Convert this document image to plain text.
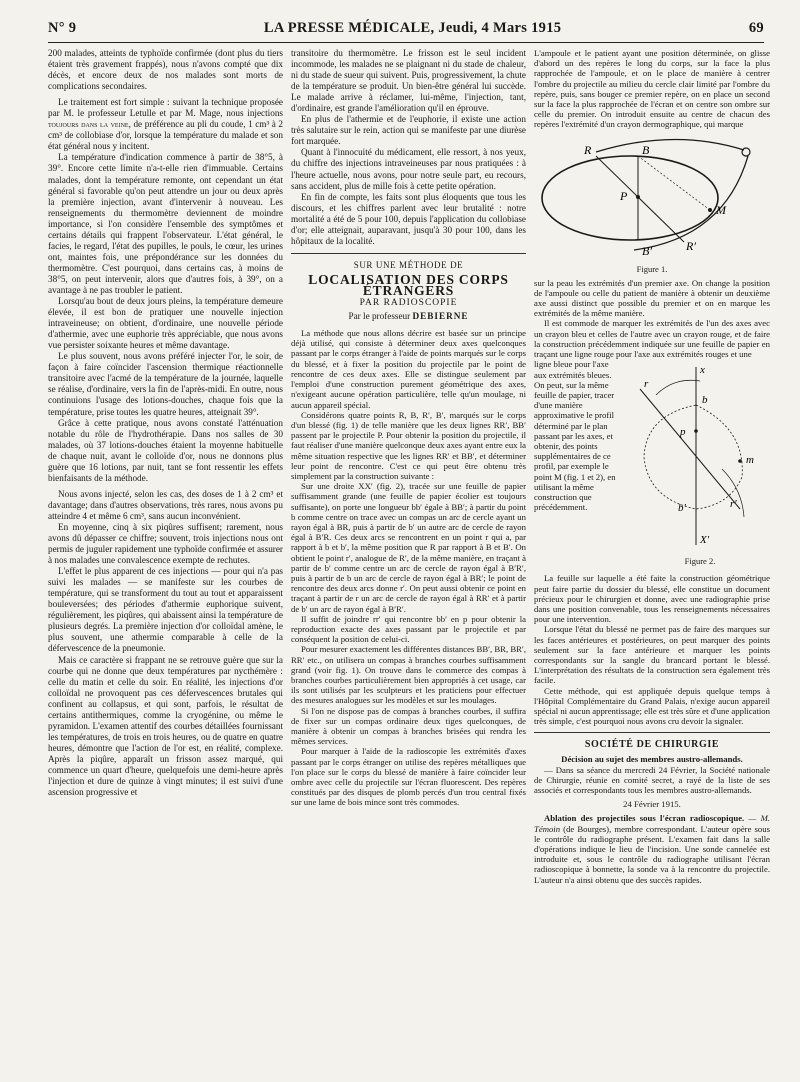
N° 9	LA PRESSE MÉDICALE, Jeudi, 4 Mars 1915	69

200 malades, atteints de typhoïde confirmée (dont plus du tiers étaient très gravement frappés), nous n'avons compté que dix décès, et encore deux de nos malades sont morts de complications secondaires.

Le traitement est fort simple : suivant la technique proposée par M. le professeur Letulle et par M. Mage, nous injections toujours dans la veine, de préférence au pli du coude, 1 cm³ à 2 cm³ de collobiase d'or, lorsque la température du malade et son état général nous y incitent.

La température d'indication commence à partir de 38°5, à 39°. Encore cette limite n'a-t-elle rien d'immuable. Certains malades, dont la température remonte, ont cependant un état général si favorable qu'on peut attendre un jour ou deux après la première injection, avant d'intervenir à nouveau. Les renseignements du thermomètre deviennent de moindre importance, si l'on considère l'ensemble des symptômes et certains détails qui frappent l'observateur. L'état général, le facies, le regard, l'état des pupilles, le pouls, le cœur, les urines ont, maintes fois, une prépondérance sur les données du thermomètre. C'est pourquoi, dans certains cas, à moins de 38°5, on peut intervenir, alors que d'autres fois, à 39°, on a avantage à ne pas troubler le patient.

Lorsqu'au bout de deux jours pleins, la température demeure élevée, il est bon de pratiquer une nouvelle injection intraveineuse; on obtient, d'ordinaire, une nouvelle période d'athermie, avec une euphorie très appréciable, que nous avons vue persister soixante heures et même davantage.

Le plus souvent, nous avons préféré injecter l'or, le soir, de façon à faire coïncider l'ascension thermique réactionnelle transitoire avec l'acmé de la température de la journée, laquelle se réalise, d'ordinaire, vers la fin de l'après-midi. En outre, nous continuions l'usage des lotions-douches, chaque fois que la température, prise toutes les quatre heures, atteignait 39°.

Grâce à cette pratique, nous avons constaté l'atténuation notable du rôle de l'hydrothérapie. Dans nos salles de 30 malades, où 37 lotions-douches étaient la moyenne habituelle de chaque nuit, avant le colloïde d'or, nous ne donnons plus guère que 16 lotions, par nuit, tant se font ressentir les effets bienfaisants de la méthode.

Nous avons injecté, selon les cas, des doses de 1 à 2 cm³ et davantage; dans d'autres observations, très rares, nous avons pu atteindre 4 et même 6 cm³, sans aucun inconvénient.

En moyenne, cinq à six piqûres suffisent; rarement, nous avons dû dépasser ce chiffre; souvent, trois injections nous ont permis de juguler rapidement une typhoïde confirmée et assurer à nos malades une convalescence exempte de rechutes.

L'effet le plus apparent de ces injections — pour qui n'a pas suivi les malades — se manifeste sur les courbes de température, qui se transforment du tout au tout et apparaissent bouleversées; des périodes d'athermie euphorique suivent, régulièrement, les piqûres, qui abaissent ainsi la température de plusieurs degrés. La première injection d'or colloïdal amène, le plus souvent, une athermie comparable à celle de la défervescence de la pneumonie.

Mais ce caractère si frappant ne se retrouve guère que sur la courbe qui ne donne que deux températures par nycthémère : celle du matin et celle du soir. En réalité, les injections d'or colloïdal ne provoquent pas ces défervescences brutales qui confinent au collapsus, et qui sont, parfois, le résultat de certains antithermiques, comme la cryogénine, ou même le pyramidon. L'examen attentif des courbes détaillées fournissant les températures, de trois en trois heures, ou de quatre en quatre heures, démontre que l'action de l'or est, en réalité, complexe. Après la piqûre, apparaît un frisson assez marqué, qui commence un quart d'heure, quelquefois une demi-heure après l'injection et dure de quinze à vingt minutes; il est suivi d'une ascension progressive et

transitoire du thermomètre. Le frisson est le seul incident incommode, les malades ne se plaignant ni du stade de chaleur, ni du stade de sueur qui suivent. Puis, progressivement, la chute de la température se produit. Un bien-être général lui succède. Le malade arrive à réclamer, lui-même, l'injection, tant, d'ordinaire, est grande l'amélioration qu'il en éprouve.

En plus de l'athermie et de l'euphorie, il existe une action très salutaire sur le rein, action qui se manifeste par une diurèse fort marquée.

Quant à l'innocuité du médicament, elle ressort, à nos yeux, du chiffre des injections intraveineuses par nous pratiquées : à l'heure actuelle, nous avons, pour notre seule part, eu recours, sans accident, plus de mille fois à cette petite opération.

En fin de compte, les faits sont plus éloquents que tous les discours, et les chiffres parlent avec leur brutalité : notre mortalité a été de 5 pour 100, depuis l'application du collobiase d'or; elle atteignait, auparavant, jusqu'à 30 pour 100, dans les hôpitaux de la localité.

SUR UNE MÉTHODE DE
LOCALISATION DES CORPS ÉTRANGERS
PAR RADIOSCOPIE
Par le professeur DEBIERNE

La méthode que nous allons décrire est basée sur un principe déjà utilisé, qui consiste à déterminer deux axes quelconques passant par le corps étranger à l'aide de points marqués sur le corps du blessé, et à fixer la position du projectile par le point de rencontre de ces deux axes. Elle se distingue seulement par l'emploi d'une construction purement géométrique des axes, n'exigeant aucune opération particulière, telle qu'un moulage, ni aucun appareil spécial.

Considérons quatre points R, B, R′, B′, marqués sur le corps d'un blessé (fig. 1) de telle manière que les deux lignes RR′, BB′ passent par le projectile P. Pour obtenir la position du projectile, il faut réaliser d'une manière quelconque deux axes ayant entre eux la même situation respective que les lignes RR′ et BB′, et déterminer leur point de rencontre. C'est ce qui peut être obtenu très simplement par la construction suivante :

Sur une droite XX′ (fig. 2), tracée sur une feuille de papier suffisamment grande (une feuille de papier écolier est toujours suffisante), on porte une longueur bb′ égale à BB′; à partir du point b comme centre on trace avec un compas un arc de cercle ayant un rayon égal à BR, puis à partir de b′ un autre arc de cercle de rayon égal à B′R. Ces deux arcs se rencontrent en un point r qui a, par rapport à b et b′, la même position que R par rapport à B et B′. On obtient le point r′, analogue de R′, de la même manière, en traçant à partir de b′ comme centre un arc de cercle de rayon égal à B′R′, puis à partir de b un arc de cercle de rayon égal à BR′; le point de rencontre des deux arcs donne r′. On peut aussi obtenir ce point en traçant à partir de r un arc de cercle de rayon égal à RR′ et à partir de b′ un arc de rayon égal à B′R′.

Il suffit de joindre rr′ qui rencontre bb′ en p pour obtenir la reproduction exacte des axes passant par le projectile et par conséquent la position de celui-ci.

Pour mesurer exactement les différentes distances BB′, BR, BR′, RR′ etc., on utilisera un compas à branches courbes suffisamment grand (voir fig. 1). On trouve dans le commerce des compas à branches courbes particulièrement bien appropriés à cet usage, car ils sont utilisés par les sculpteurs et les praticiens pour effectuer des mesures analogues sur les modèles et sur les moulages.

Si l'on ne dispose pas de compas à branches courbes, il suffira de fixer sur un compas ordinaire deux tiges quelconques, de manière à obtenir un compas à branches brisées qui rendra les mêmes services.

Pour marquer à l'aide de la radioscopie les extrémités d'axes passant par le corps étranger on utilise des repères métalliques que l'on place sur le corps du blessé de manière à faire coïncider leur ombre avec celle du projectile sur l'écran fluorescent. Des repères constitués par des disques de plomb percés d'un trou central fixés sur une lame de bois mince sont très commodes.

L'ampoule et le patient ayant une position déterminée, on glisse d'abord un des repères le long du corps, sur la face la plus rapprochée de l'ampoule, et on le place de manière à centrer l'ombre du projectile au milieu du cercle clair limité par l'ombre du repère, puis, sans bouger ce premier repère, on en place un second sur la face la plus rapprochée de l'écran et on centre son ombre sur celle du premier. On introduit ensuite au centre de chacun des repères l'extrémité d'un crayon dermographique, qui marque

R	B
B′	R′
P
M

Figure 1.

sur la peau les extrémités d'un premier axe. On change la position de l'ampoule ou celle du patient de manière à obtenir un deuxième axe aussi distinct que possible du premier et on en marque les extrémités de la même manière.

Il est commode de marquer les extrémités de l'un des axes avec un crayon bleu et celles de l'autre avec un crayon rouge, et de faire la construction précédemment indiquée sur une feuille de papier en traçant une ligne rouge pour l'axe aux extrémités rouges et une

ligne bleue pour l'axe aux extrémités bleues. On peut, sur la même feuille de papier, tracer d'une manière approximative le profil déterminé par le plan passant par les axes, et obtenir, des points supplémentaires de ce profil, par exemple le point M (fig. 1 et 2), en utilisant la même construction que précédemment.

x
r
b
p
m
r′
b′
X′

Figure 2.

La feuille sur laquelle a été faite la construction géométrique peut faire partie du dossier du blessé, elle constitue un document précieux pour le chirurgien et donne, avec une radiographie prise dans une position convenable, tous les renseignements nécessaires pour une intervention.

Lorsque l'état du blessé ne permet pas de faire des marques sur les faces antérieures et postérieures, on peut marquer des points seulement sur la face antérieure et marquer les points correspondants sur la sangle du brancard portant le blessé. L'interprétation des résultats de la construction sera également très facile.

Cette méthode, qui est appliquée depuis quelque temps à l'Hôpital Complémentaire du Grand Palais, n'exige aucun appareil spécial ni aucun apprentissage; elle est très sûre et d'une application très simple, c'est pourquoi nous avons cru devoir la signaler.

SOCIÉTÉ DE CHIRURGIE

Décision au sujet des membres austro-allemands.

— Dans sa séance du mercredi 24 Février, la Société nationale de Chirurgie, réunie en comité secret, a rayé de la liste de ses associés et correspondants tous les membres austro-allemands.

24 Février 1915.

Ablation des projectiles sous l'écran radioscopique. — M. Témoin (de Bourges), membre correspondant. L'auteur opère sous le contrôle du radiographe présent. L'examen fait dans la salle d'opérations indique le lieu de l'incision. Une sonde cannelée est introduite et, sous le contrôle du radiographe utilisant l'écran radioscopique à bonnette, la sonde va à la rencontre du projectile. L'auteur n'a ainsi obtenu que des succès rapides.
